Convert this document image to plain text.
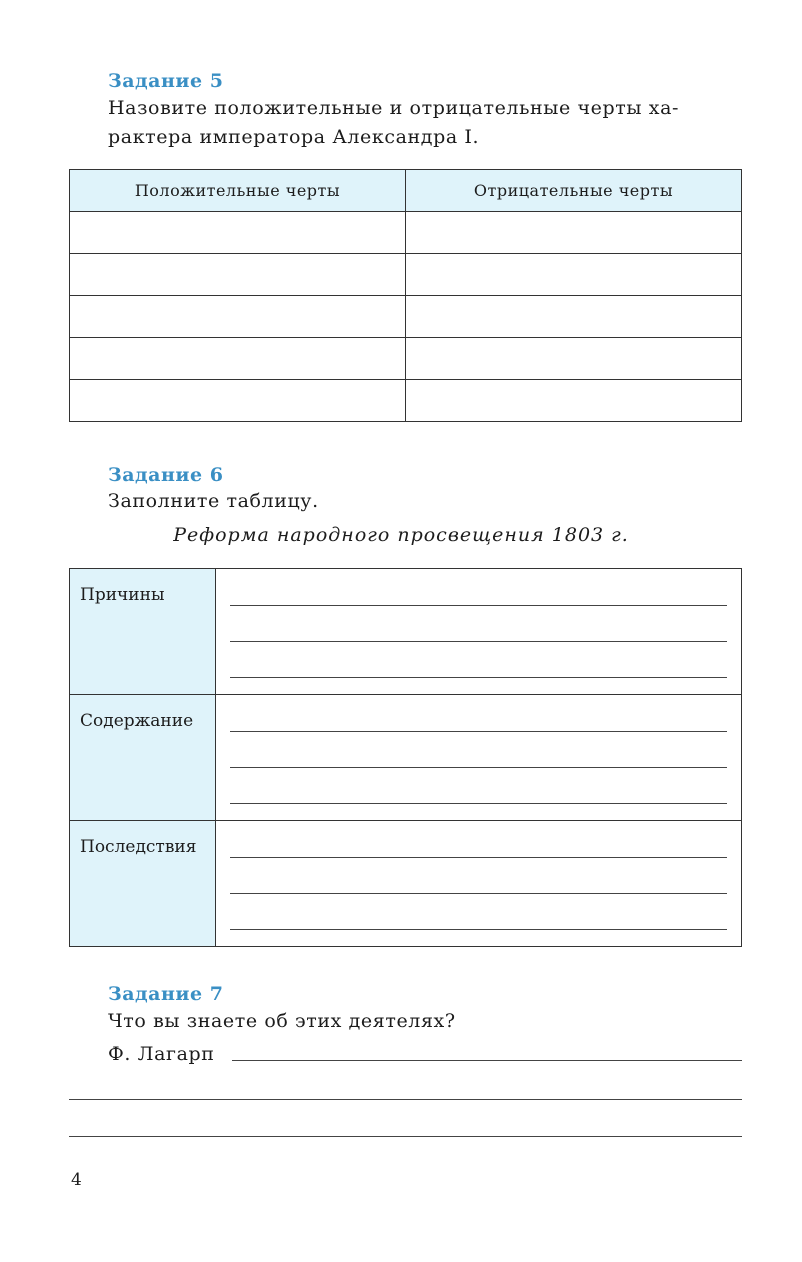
Задание 5
Назовите положительные и отрицательные черты ха-
рактера императора Александра I.
Положительные черты	Отрицательные черты

Задание 6
Заполните таблицу.
Реформа народного просвещения 1803 г.
Причины	

Содержание	

Последствия	
Задание 7
Что вы знаете об этих деятелях?
Ф. Лагарп
4
